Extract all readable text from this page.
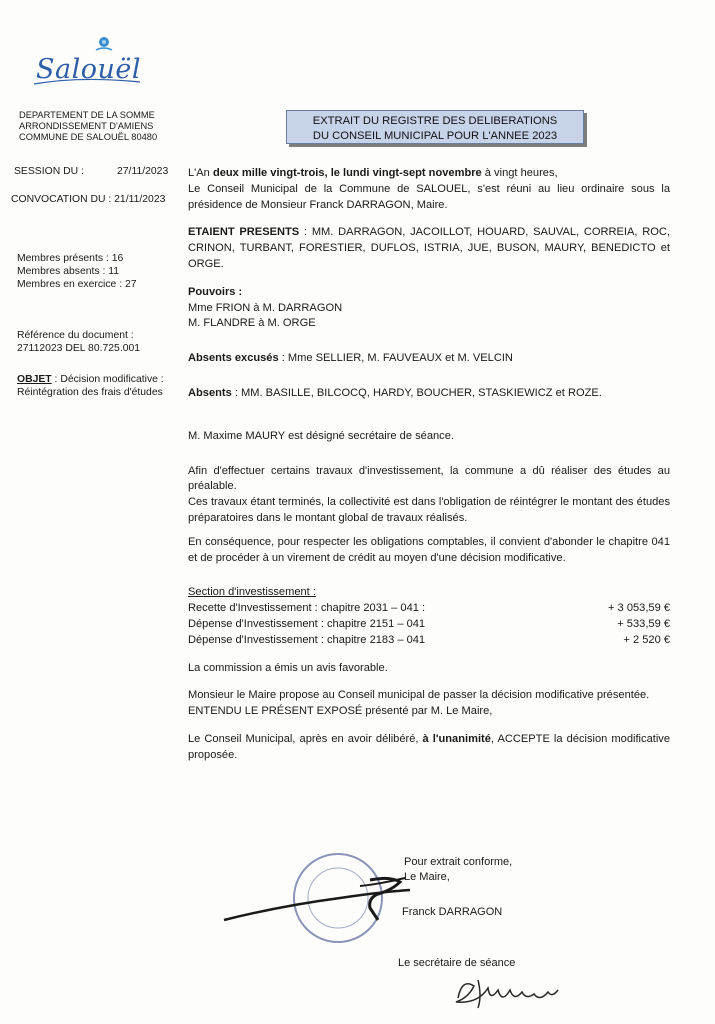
Salouël
DEPARTEMENT DE LA SOMME
ARRONDISSEMENT D'AMIENS
COMMUNE DE SALOUËL 80480
EXTRAIT DU REGISTRE DES DELIBERATIONS
DU CONSEIL MUNICIPAL POUR L'ANNEE 2023
SESSION DU :	27/11/2023
CONVOCATION DU : 21/11/2023
Membres présents : 16
Membres absents : 11
Membres en exercice : 27
Référence du document :
27112023 DEL 80.725.001
OBJET : Décision modificative : Réintégration des frais d'études

L'An deux mille vingt-trois, le lundi vingt-sept novembre à vingt heures,

Le Conseil Municipal de la Commune de SALOUEL, s'est réuni au lieu ordinaire sous la présidence de Monsieur Franck DARRAGON, Maire.

ETAIENT PRESENTS : MM. DARRAGON, JACOILLOT, HOUARD, SAUVAL, CORREIA, ROC, CRINON, TURBANT, FORESTIER, DUFLOS, ISTRIA, JUE, BUSON, MAURY, BENEDICTO et ORGE.

Pouvoirs :

Mme FRION à M. DARRAGON

M. FLANDRE à M. ORGE

Absents excusés : Mme SELLIER, M. FAUVEAUX et M. VELCIN

Absents : MM. BASILLE, BILCOCQ, HARDY, BOUCHER, STASKIEWICZ et ROZE.

M. Maxime MAURY est désigné secrétaire de séance.

Afin d'effectuer certains travaux d'investissement, la commune a dû réaliser des études au préalable.

Ces travaux étant terminés, la collectivité est dans l'obligation de réintégrer le montant des études préparatoires dans le montant global de travaux réalisés.

En conséquence, pour respecter les obligations comptables, il convient d'abonder le chapitre 041 et de procéder à un virement de crédit au moyen d'une décision modificative.

Section d'investissement :

Recette d'Investissement : chapitre 2031 – 041 :	+ 3 053,59 €
Dépense d'Investissement : chapitre 2151 – 041	+ 533,59 €
Dépense d'Investissement : chapitre 2183 – 041	+ 2 520 €

La commission a émis un avis favorable.

Monsieur le Maire propose au Conseil municipal de passer la décision modificative présentée.

ENTENDU LE PRÉSENT EXPOSÉ présenté par M. Le Maire,

Le Conseil Municipal, après en avoir délibéré, à l'unanimité, ACCEPTE la décision modificative proposée.

Pour extrait conforme,
Le Maire,
Franck DARRAGON
Le secrétaire de séance
